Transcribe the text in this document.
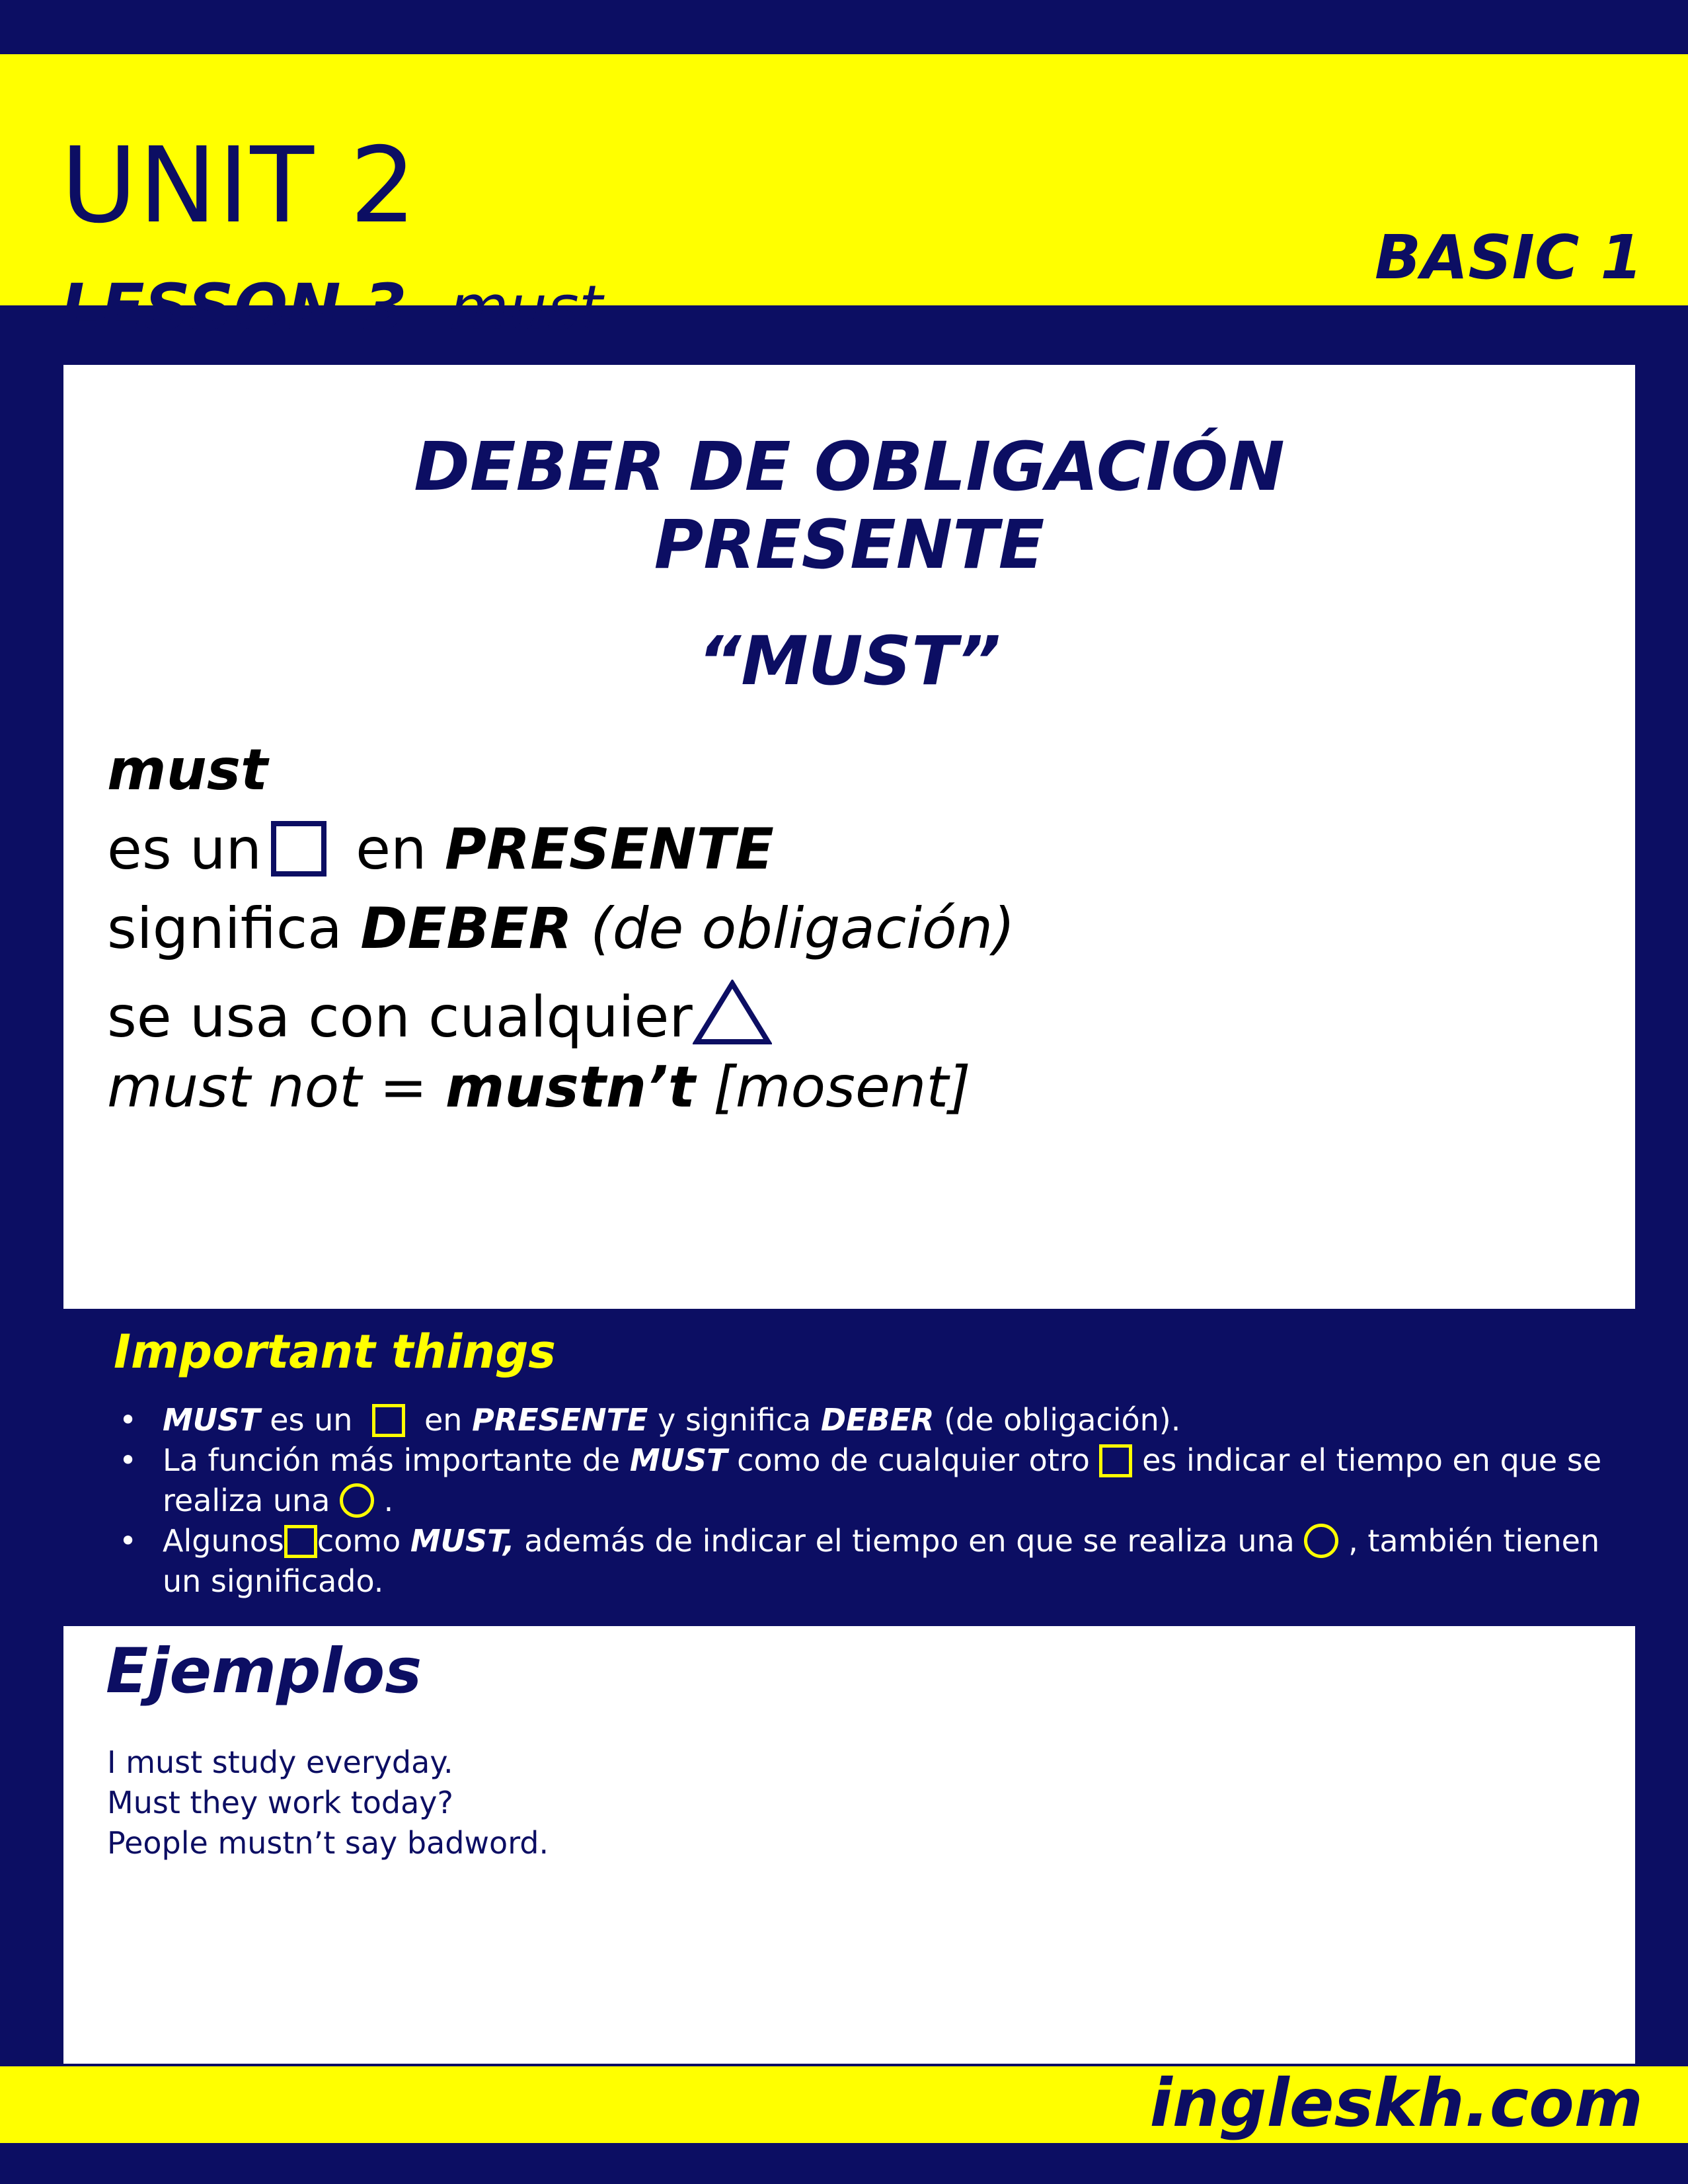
UNIT 2
LESSON 3 must
BASIC 1
DEBER DE OBLIGACIÓN
PRESENTE
“MUST”
must
es un en PRESENTE
significa DEBER (de obligación)
se usa con cualquier
must not = mustn’t [mosent]
Important things
• MUST es un en PRESENTE y significa DEBER (de obligación).
• La función más importante de MUST como de cualquier otro es indicar el tiempo en que se realiza una .
• Algunos como MUST, además de indicar el tiempo en que se realiza una , también tienen un significado.
Ejemplos
I must study everyday.
Must they work today?
People mustn’t say badword.
ingleskh.com
